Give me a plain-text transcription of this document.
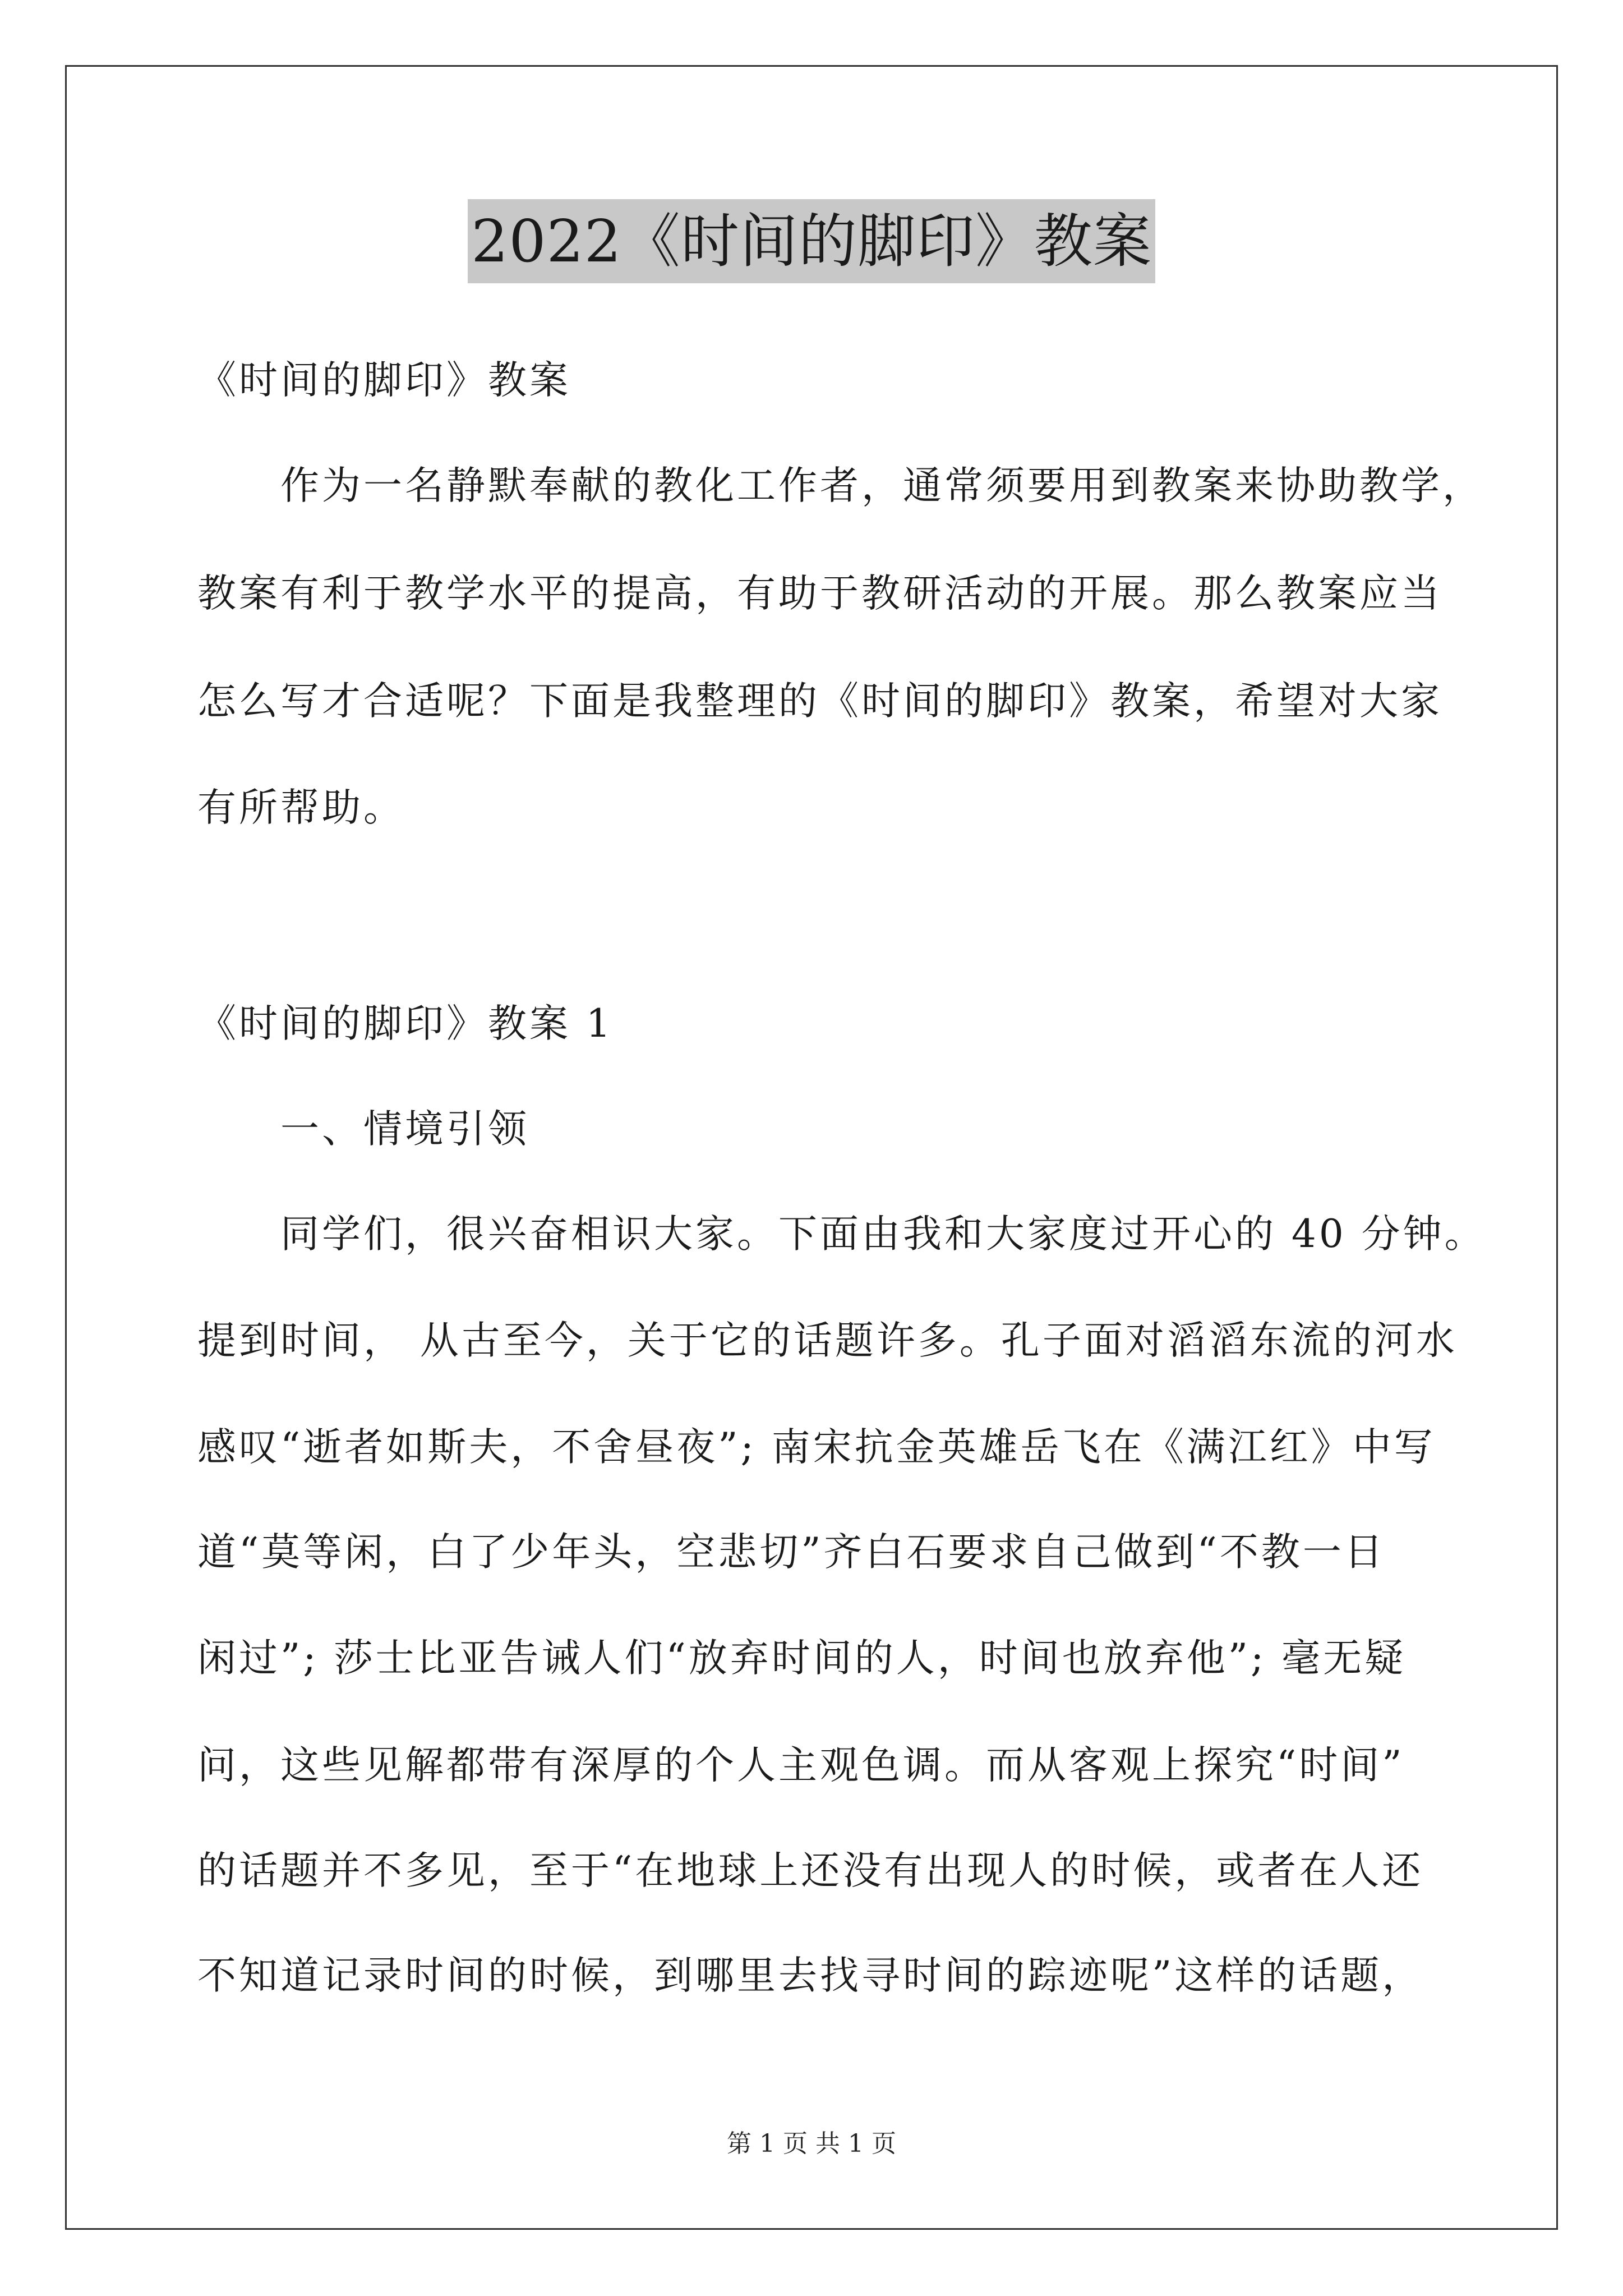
2022《时间的脚印》教案
《时间的脚印》教案
作为一名静默奉献的教化工作者，通常须要用到教案来协助教学，
教案有利于教学水平的提高，有助于教研活动的开展。那么教案应当
怎么写才合适呢？下面是我整理的《时间的脚印》教案，希望对大家
有所帮助。
《时间的脚印》教案 1
一、情境引领
同学们，很兴奋相识大家。下面由我和大家度过开心的 40 分钟。
提到时间， 从古至今，关于它的话题许多。孔子面对滔滔东流的河水
感叹“逝者如斯夫，不舍昼夜”; 南宋抗金英雄岳飞在《满江红》中写
道“莫等闲，白了少年头，空悲切”齐白石要求自己做到“不教一日
闲过”; 莎士比亚告诫人们“放弃时间的人，时间也放弃他”; 毫无疑
问，这些见解都带有深厚的个人主观色调。而从客观上探究“时间”
的话题并不多见，至于“在地球上还没有出现人的时候，或者在人还
不知道记录时间的时候，到哪里去找寻时间的踪迹呢”这样的话题，
第 1 页 共 1 页
